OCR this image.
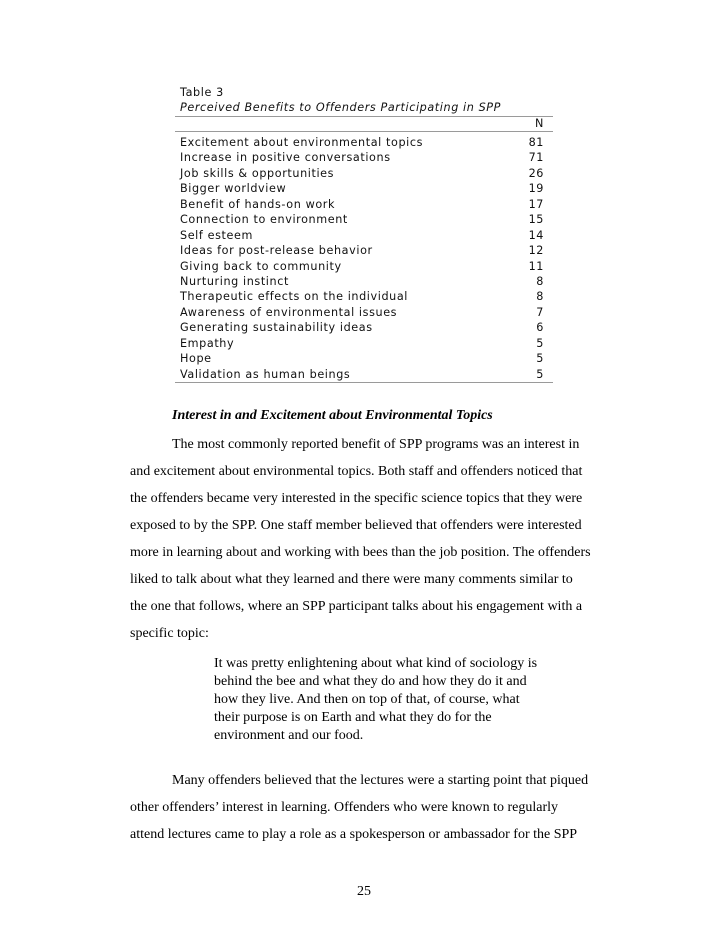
Table 3
Perceived Benefits to Offenders Participating in SPP
N
Excitement about environmental topics	81
Increase in positive conversations	71
Job skills & opportunities	26
Bigger worldview	19
Benefit of hands-on work	17
Connection to environment	15
Self esteem	14
Ideas for post-release behavior	12
Giving back to community	11
Nurturing instinct	8
Therapeutic effects on the individual	8
Awareness of environmental issues	7
Generating sustainability ideas	6
Empathy	5
Hope	5
Validation as human beings	5
Interest in and Excitement about Environmental Topics

The most commonly reported benefit of SPP programs was an interest in

and excitement about environmental topics. Both staff and offenders noticed that

the offenders became very interested in the specific science topics that they were

exposed to by the SPP. One staff member believed that offenders were interested

more in learning about and working with bees than the job position. The offenders

liked to talk about what they learned and there were many comments similar to

the one that follows, where an SPP participant talks about his engagement with a

specific topic:

It was pretty enlightening about what kind of sociology is
behind the bee and what they do and how they do it and
how they live. And then on top of that, of course, what
their purpose is on Earth and what they do for the
environment and our food.

Many offenders believed that the lectures were a starting point that piqued

other offenders’ interest in learning. Offenders who were known to regularly

attend lectures came to play a role as a spokesperson or ambassador for the SPP

25
